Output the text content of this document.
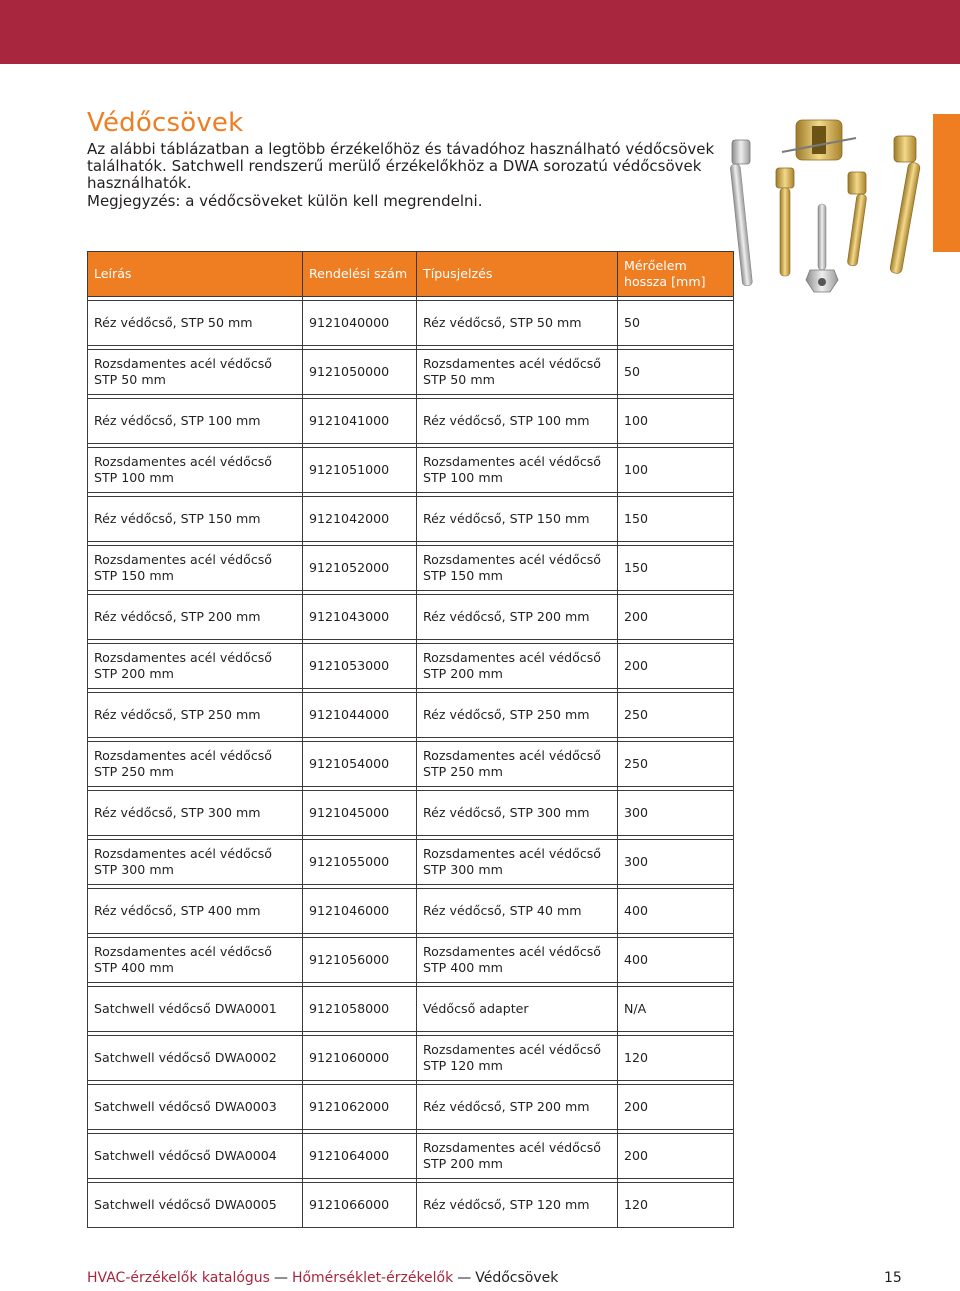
Védőcsövek
Az alábbi táblázatban a legtöbb érzékelőhöz és távadóhoz használható védőcsövek
találhatók. Satchwell rendszerű merülő érzékelőkhöz a DWA sorozatú védőcsövek
használhatók.
Megjegyzés: a védőcsöveket külön kell megrendelni.
Leírás	Rendelési szám	Típusjelzés	Mérőelem hossza [mm]

Réz védőcső, STP 50 mm	9121040000	Réz védőcső, STP 50 mm	50

Rozsdamentes acél védőcső STP 50 mm	9121050000	Rozsdamentes acél védőcső STP 50 mm	50

Réz védőcső, STP 100 mm	9121041000	Réz védőcső, STP 100 mm	100

Rozsdamentes acél védőcső STP 100 mm	9121051000	Rozsdamentes acél védőcső STP 100 mm	100

Réz védőcső, STP 150 mm	9121042000	Réz védőcső, STP 150 mm	150

Rozsdamentes acél védőcső STP 150 mm	9121052000	Rozsdamentes acél védőcső STP 150 mm	150

Réz védőcső, STP 200 mm	9121043000	Réz védőcső, STP 200 mm	200

Rozsdamentes acél védőcső STP 200 mm	9121053000	Rozsdamentes acél védőcső STP 200 mm	200

Réz védőcső, STP 250 mm	9121044000	Réz védőcső, STP 250 mm	250

Rozsdamentes acél védőcső STP 250 mm	9121054000	Rozsdamentes acél védőcső STP 250 mm	250

Réz védőcső, STP 300 mm	9121045000	Réz védőcső, STP 300 mm	300

Rozsdamentes acél védőcső STP 300 mm	9121055000	Rozsdamentes acél védőcső STP 300 mm	300

Réz védőcső, STP 400 mm	9121046000	Réz védőcső, STP 40 mm	400

Rozsdamentes acél védőcső STP 400 mm	9121056000	Rozsdamentes acél védőcső STP 400 mm	400

Satchwell védőcső DWA0001	9121058000	Védőcső adapter	N/A

Satchwell védőcső DWA0002	9121060000	Rozsdamentes acél védőcső STP 120 mm	120

Satchwell védőcső DWA0003	9121062000	Réz védőcső, STP 200 mm	200

Satchwell védőcső DWA0004	9121064000	Rozsdamentes acél védőcső STP 200 mm	200

Satchwell védőcső DWA0005	9121066000	Réz védőcső, STP 120 mm	120
HVAC-érzékelők katalógus — Hőmérséklet-érzékelők — Védőcsövek	15
